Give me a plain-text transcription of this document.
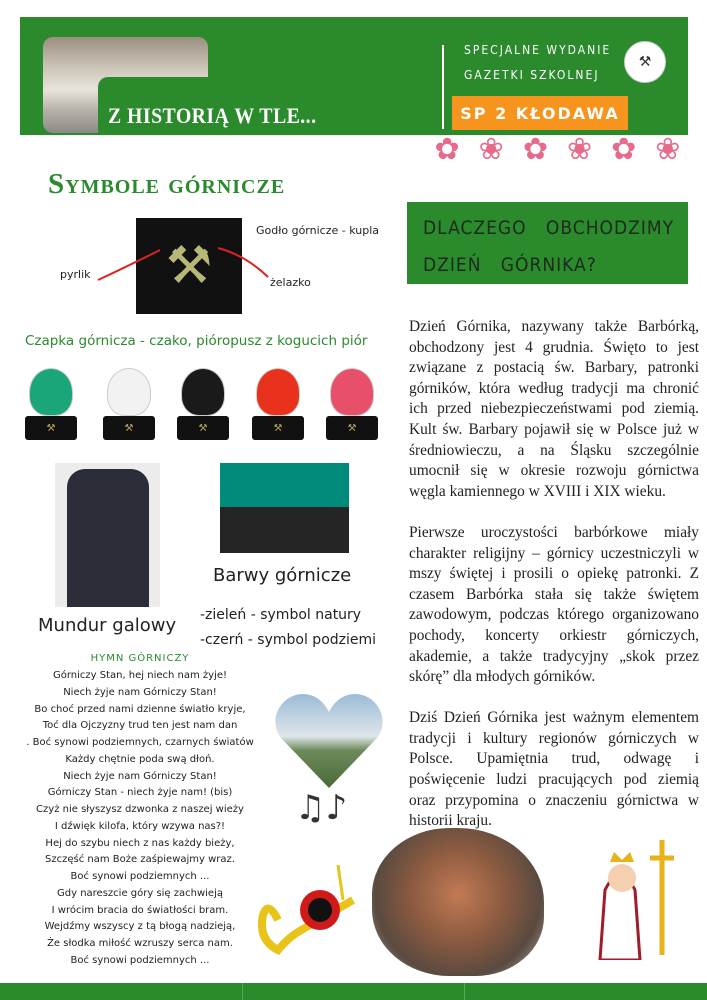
Z HISTORIĄ W TLE...
SPECJALNE WYDANIE
GAZETKI SZKOLNEJ
⚒
SP 2 KŁODAWA
✿ ❀ ✿ ❀ ✿ ❀
Symbole górnicze
DLACZEGO   OBCHODZIMY
DZIEŃ   GÓRNIKA?
⚒
Godło górnicze - kupla
pyrlik
żelazko
Czapka górnicza - czako, pióropusz z kogucich piór
⚒	⚒	⚒	⚒	⚒
Barwy górnicze
Mundur galowy -zieleń - symbol natury
-czerń - symbol podziemi
HYMN GÓRNICZY
Górniczy Stan, hej niech nam żyje!
Niech żyje nam Górniczy Stan!
Bo choć przed nami dzienne światło kryje,
Toć dla Ojczyzny trud ten jest nam dan
. Boć synowi podziemnych, czarnych światów
Każdy chętnie poda swą dłoń.
Niech żyje nam Górniczy Stan!
Górniczy Stan - niech żyje nam! (bis)
Czyż nie słyszysz dzwonka z naszej wieży
I dźwięk kilofa, który wzywa nas?!
Hej do szybu niech z nas każdy bieży,
Szczęść nam Boże zaśpiewajmy wraz.
Boć synowi podziemnych ...
Gdy nareszcie góry się zachwieją
I wrócim bracia do światłości bram.
Wejdźmy wszyscy z tą błogą nadzieją,
Że słodka miłość wzruszy serca nam.
Boć synowi podziemnych ...
♫♪
SOLANIE

Dzień Górnika, nazywany także Barbórką, obchodzony jest 4 grudnia. Święto to jest związane z postacią św. Barbary, patronki górników, która według tradycji ma chronić ich przed niebezpieczeństwami pod ziemią. Kult św. Barbary pojawił się w Polsce już w średniowieczu, a na Śląsku szczególnie umocnił się w okresie rozwoju górnictwa węgla kamiennego w XVIII i XIX wieku.

Pierwsze uroczystości barbórkowe miały charakter religijny – górnicy uczestniczyli w mszy świętej i prosili o opiekę patronki. Z czasem Barbórka stała się także świętem zawodowym, podczas którego organizowano pochody, koncerty orkiestr górniczych, akademie, a także tradycyjny „skok przez skórę” dla młodych górników.

Dziś Dzień Górnika jest ważnym elementem tradycji i kultury regionów górniczych w Polsce. Upamiętnia trud, odwagę i poświęcenie ludzi pracujących pod ziemią oraz przypomina o znaczeniu górnictwa w historii kraju.
